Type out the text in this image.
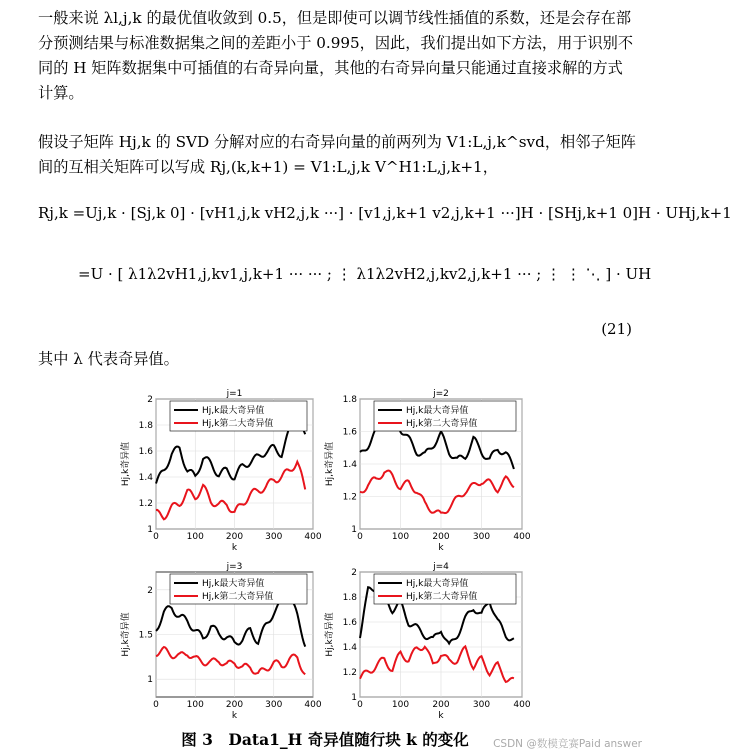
一般来说 λl,j,k 的最优值收敛到 0.5，但是即使可以调节线性插值的系数，还是会存在部分预测结果与标准数据集之间的差距小于 0.995，因此，我们提出如下方法，用于识别不同的 H 矩阵数据集中可插值的右奇异向量，其他的右奇异向量只能通过直接求解的方式计算。

假设子矩阵 Hj,k 的 SVD 分解对应的右奇异向量的前两列为 V1:L,j,k^svd，相邻子矩阵间的互相关矩阵可以写成 Rj,(k,k+1) = V1:L,j,k V^H1:L,j,k+1，

Rj,k =Uj,k · [Sj,k 0] · [vH1,j,k vH2,j,k ···] · [v1,j,k+1 v2,j,k+1 ···]H · [SHj,k+1 0]H · UHj,k+1
=U · [ λ1λ2vH1,j,kv1,j,k+1 ··· ··· ; ⋮ λ1λ2vH2,j,kv2,j,k+1 ··· ; ⋮ ⋮ ⋱ ] · UH
(21)

其中 λ 代表奇异值。

0	100 200 300 400
1
1.2
1.4
1.6
1.8
2
Hj,k最大奇异值
Hj,k第二大奇异值
j=1
k
Hj,k奇异值
0	100	200	300	400
1
1.2
1.4
1.6
1.8
Hj,k最大奇异值
Hj,k第二大奇异值
j=2
k
Hj,k奇异值
0	100 200 300 400
1
1.5
2
Hj,k最大奇异值
Hj,k第二大奇异值
j=3
k
Hj,k奇异值
0	100	200	300	400
1
1.2
1.4
1.6
1.8
2
Hj,k最大奇异值
Hj,k第二大奇异值
j=4
k
Hj,k奇异值
图 3　Data1_H 奇异值随行块 k 的变化	CSDN @数模竞赛Paid answer
